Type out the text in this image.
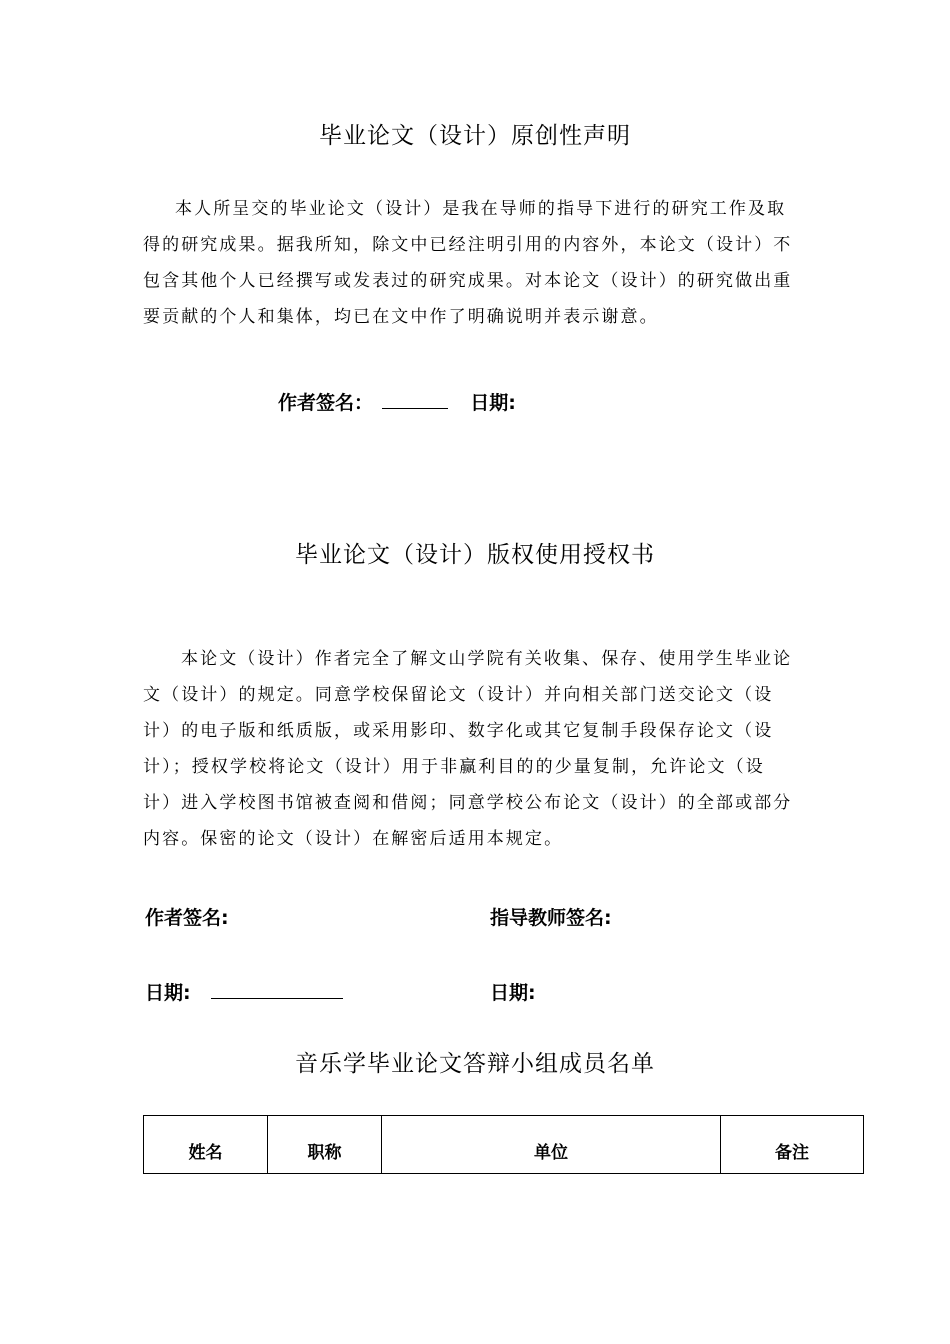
毕业论文（设计）原创性声明
本人所呈交的毕业论文（设计）是我在导师的指导下进行的研究工作及取
得的研究成果。据我所知，除文中已经注明引用的内容外，本论文（设计）不
包含其他个人已经撰写或发表过的研究成果。对本论文（设计）的研究做出重
要贡献的个人和集体，均已在文中作了明确说明并表示谢意。
作者签名：	日期:
毕业论文（设计）版权使用授权书
本论文（设计）作者完全了解文山学院有关收集、保存、使用学生毕业论
文（设计）的规定。同意学校保留论文（设计）并向相关部门送交论文（设
计）的电子版和纸质版，或采用影印、数字化或其它复制手段保存论文（设
计）；授权学校将论文（设计）用于非赢利目的的少量复制，允许论文（设
计）进入学校图书馆被查阅和借阅；同意学校公布论文（设计）的全部或部分
内容。保密的论文（设计）在解密后适用本规定。
作者签名:	指导教师签名:
日期:	日期:
音乐学毕业论文答辩小组成员名单
姓名	职称	单位	备注
